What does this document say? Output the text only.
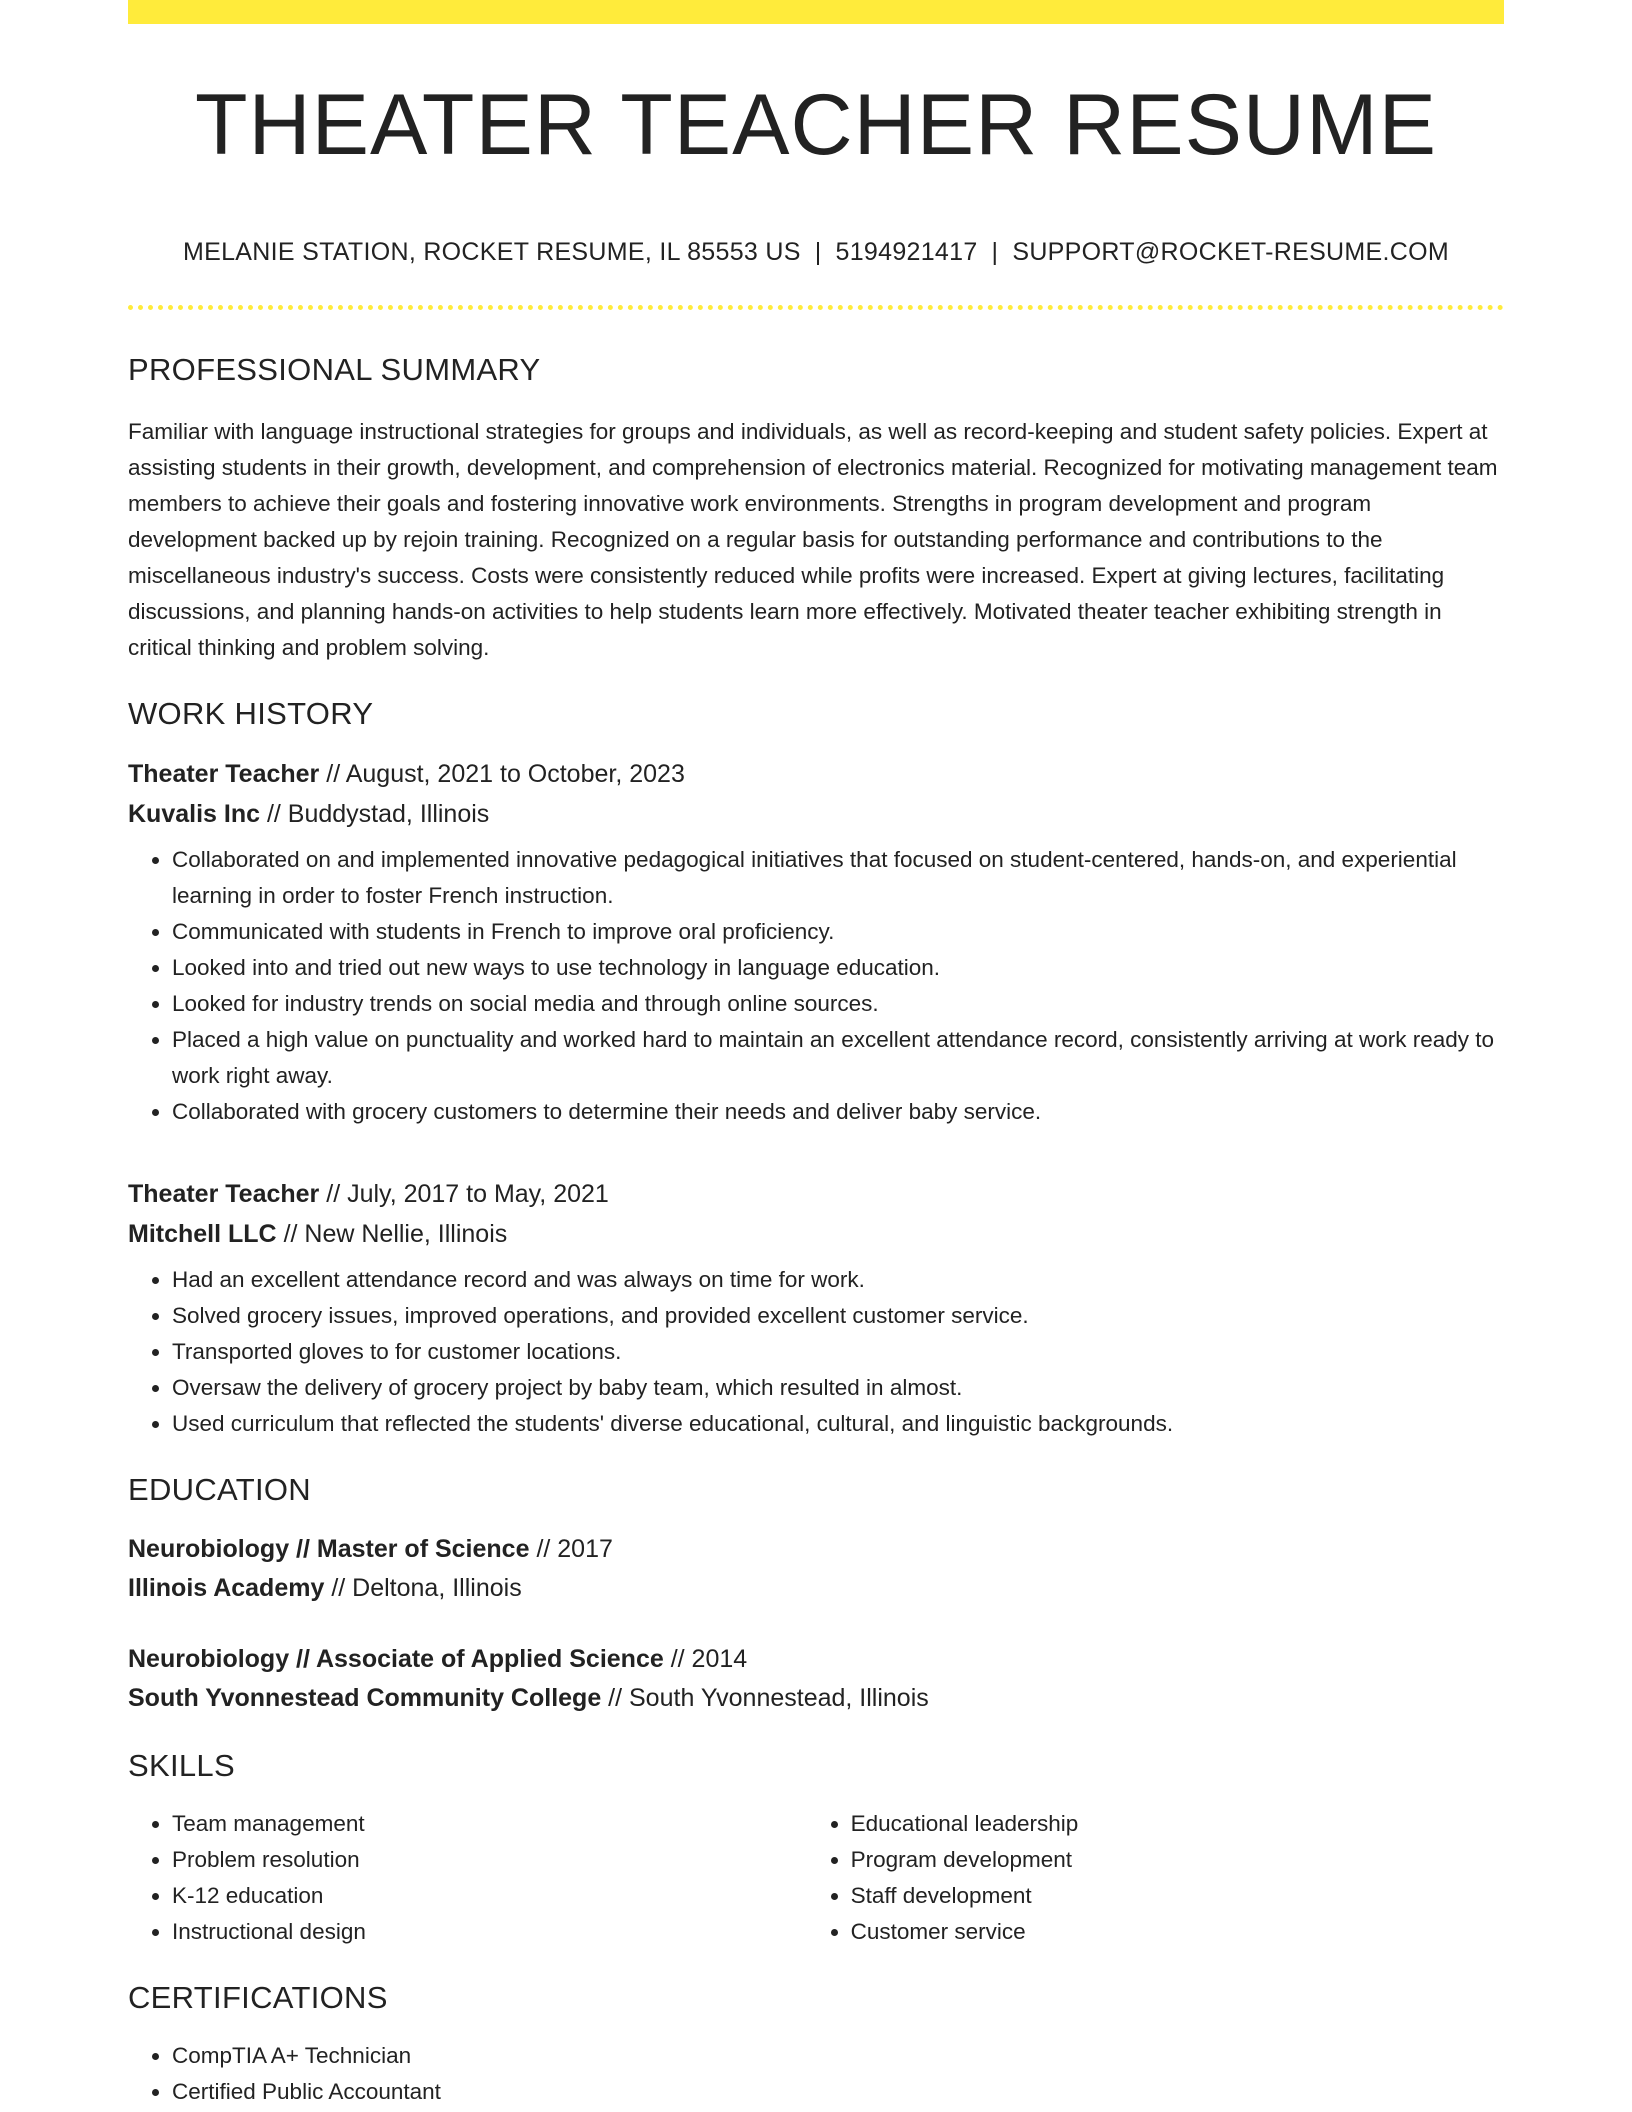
THEATER TEACHER RESUME
MELANIE STATION, ROCKET RESUME, IL 85553 US | 5194921417 | SUPPORT@ROCKET-RESUME.COM
PROFESSIONAL SUMMARY

Familiar with language instructional strategies for groups and individuals, as well as record-keeping and student safety policies. Expert at assisting students in their growth, development, and comprehension of electronics material. Recognized for motivating management team members to achieve their goals and fostering innovative work environments. Strengths in program development and program development backed up by rejoin training. Recognized on a regular basis for outstanding performance and contributions to the miscellaneous industry's success. Costs were consistently reduced while profits were increased. Expert at giving lectures, facilitating discussions, and planning hands-on activities to help students learn more effectively. Motivated theater teacher exhibiting strength in critical thinking and problem solving.

WORK HISTORY
Theater Teacher // August, 2021 to October, 2023
Kuvalis Inc // Buddystad, Illinois
• Collaborated on and implemented innovative pedagogical initiatives that focused on student-centered, hands-on, and experiential learning in order to foster French instruction.
• Communicated with students in French to improve oral proficiency.
• Looked into and tried out new ways to use technology in language education.
• Looked for industry trends on social media and through online sources.
• Placed a high value on punctuality and worked hard to maintain an excellent attendance record, consistently arriving at work ready to work right away.
• Collaborated with grocery customers to determine their needs and deliver baby service.
Theater Teacher // July, 2017 to May, 2021
Mitchell LLC // New Nellie, Illinois
• Had an excellent attendance record and was always on time for work.
• Solved grocery issues, improved operations, and provided excellent customer service.
• Transported gloves to for customer locations.
• Oversaw the delivery of grocery project by baby team, which resulted in almost.
• Used curriculum that reflected the students' diverse educational, cultural, and linguistic backgrounds.
EDUCATION
Neurobiology // Master of Science // 2017
Illinois Academy // Deltona, Illinois
Neurobiology // Associate of Applied Science // 2014
South Yvonnestead Community College // South Yvonnestead, Illinois
SKILLS
• Team management
• Problem resolution
• K-12 education
• Instructional design
• Educational leadership
• Program development
• Staff development
• Customer service
CERTIFICATIONS
• CompTIA A+ Technician
• Certified Public Accountant
